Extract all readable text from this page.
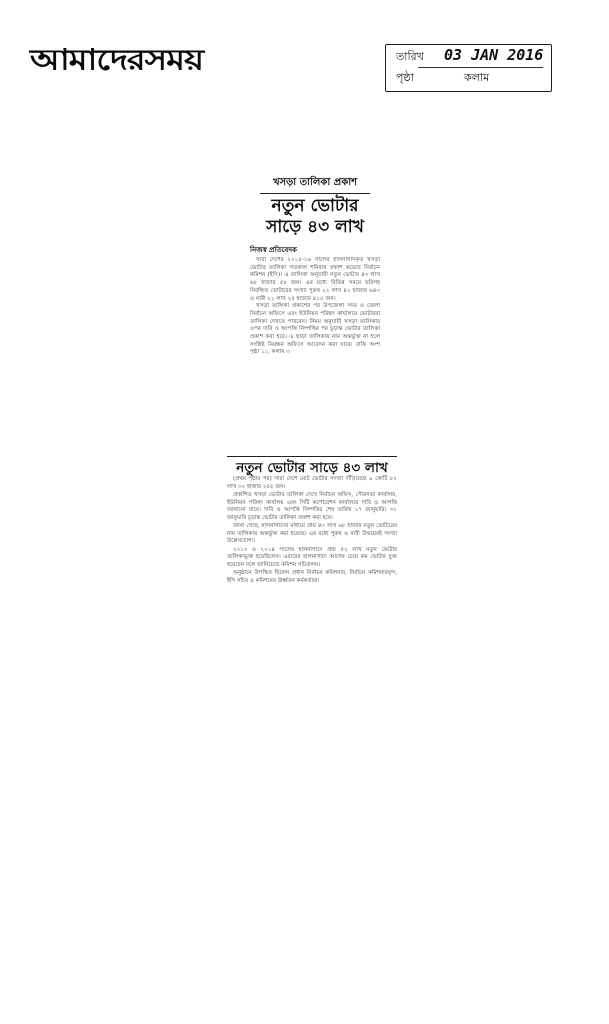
আমাদেরসময়	তারিখ 03 JAN 2016
পৃষ্ঠা	কলাম
খসড়া তালিকা প্রকাশ
নতুন ভোটার
সাড়ে ৪৩ লাখ
নিজস্ব প্রতিবেদক

সারা দেশের ২০১৫-১৬ সালের হালনাগাদকৃত খসড়া ভোটার তালিকা গতকাল শনিবার প্রকাশ করেছে নির্বাচন কমিশন (ইসি)। এ তালিকা অনুযায়ী নতুন ভোটার ৪৩ লাখ ৬৮ হাজার ৫৮ জন। এর মধ্যে বিভিন্ন সময়ে ছবিসহ নিবন্ধিত ভোটারের সংখ্যা পুরুষ ২২ লাখ ৪২ হাজার ৬৪৩ ও নারী ২১ লাখ ২৫ হাজার ৪১৫ জন।

খসড়া তালিকা প্রকাশের পর উপজেলা সদর ও জেলা নির্বাচন অফিসে এবং ইউনিয়ন পরিষদ কার্যালয়ে ভোটাররা তালিকা দেখতে পারবেন। নিয়ম অনুযায়ী খসড়া তালিকার ওপর দাবি ও আপত্তি নিষ্পত্তির পর চূড়ান্ত ভোটার তালিকা প্রকাশ করা হবে। এ ছাড়া তালিকায় নাম অন্তর্ভুক্ত না হলে সংশ্লিষ্ট নিবন্ধন অফিসে আবেদন করা যাবে। বাকি অংশ পৃষ্ঠা ১১, কলাম ৩

নতুন ভোটার সাড়ে ৪৩ লাখ

(প্রথম পৃষ্ঠার পর) সারা দেশে মোট ভোটার সংখ্যা দাঁড়িয়েছে ৯ কোটি ৮২ লাখ ৩০ হাজার ২৫৫ জন।

প্রকাশিত খসড়া ভোটার তালিকা দেখে নির্বাচন অফিস, পৌরসভা কার্যালয়, ইউনিয়ন পরিষদ কার্যালয় এবং সিটি কর্পোরেশন কার্যালয়ে দাবি ও আপত্তি জানানো যাবে। দাবি ও আপত্তি নিষ্পত্তির শেষ তারিখ ১৭ জানুয়ারি। ৩১ জানুয়ারি চূড়ান্ত ভোটার তালিকা প্রকাশ করা হবে।

জানা গেছে, হালনাগাদের মাধ্যমে প্রায় ৪৩ লাখ ৬৮ হাজার নতুন ভোটারের নাম তালিকায় অন্তর্ভুক্ত করা হয়েছে। এর মধ্যে পুরুষ ও নারী উভয়েরই সংখ্যা উল্লেখযোগ্য।

২০১৩ ও ২০১৪ সালের হালনাগাদে প্রায় ৫২ লাখ নতুন ভোটার তালিকাভুক্ত হয়েছিলেন। এবারের হালনাগাদে আগের চেয়ে কম ভোটার যুক্ত হয়েছেন বলে জানিয়েছে কমিশন সচিবালয়।

অনুষ্ঠানে উপস্থিত ছিলেন প্রধান নির্বাচন কমিশনার, নির্বাচন কমিশনারবৃন্দ, ইসি সচিব ও কমিশনের ঊর্ধ্বতন কর্মকর্তারা।
